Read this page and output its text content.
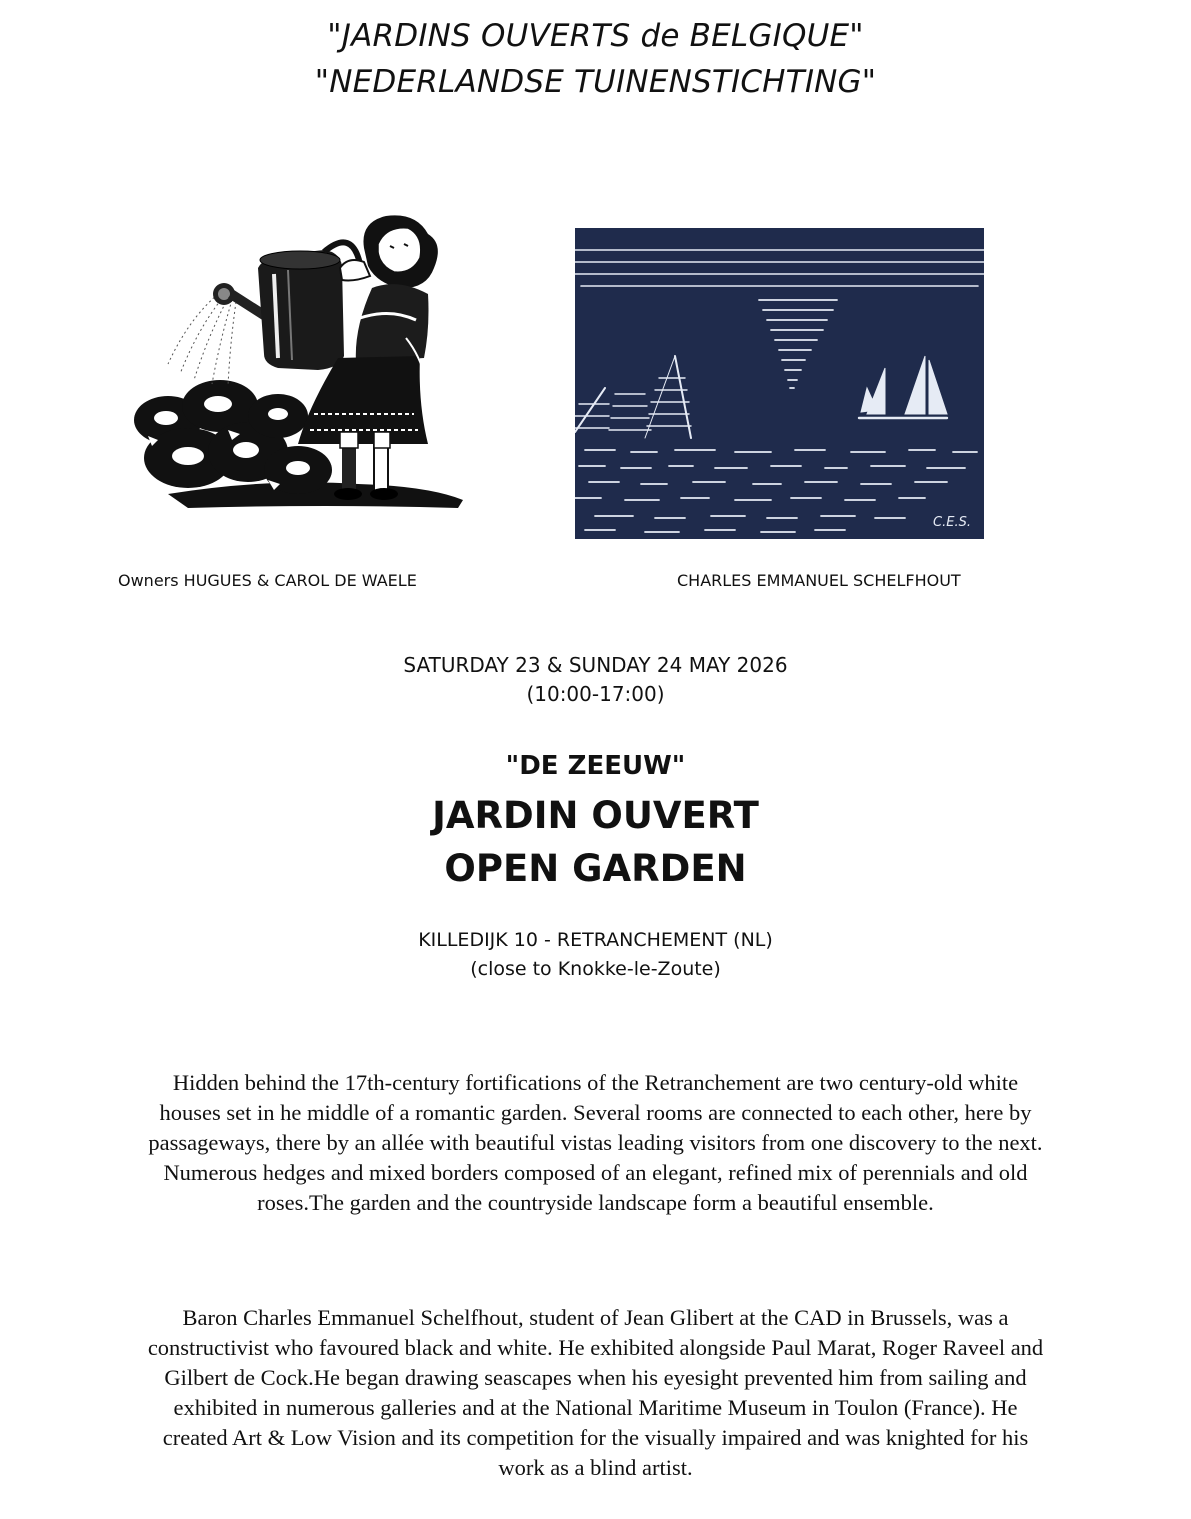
"JARDINS OUVERTS de BELGIQUE"
"NEDERLANDSE TUINENSTICHTING"
C.E.S.
Owners HUGUES & CAROL DE WAELE	CHARLES EMMANUEL SCHELFHOUT
SATURDAY 23 & SUNDAY 24 MAY 2026
(10:00-17:00)
"DE ZEEUW"
JARDIN OUVERT
OPEN GARDEN
KILLEDIJK 10 - RETRANCHEMENT (NL)
(close to Knokke-le-Zoute)
Hidden behind the 17th-century fortifications of the Retranchement are two century-old white
houses set in he middle of a romantic garden. Several rooms are connected to each other, here by
passageways, there by an allée with beautiful vistas leading visitors from one discovery to the next.
Numerous hedges and mixed borders composed of an elegant, refined mix of perennials and old
roses.The garden and the countryside landscape form a beautiful ensemble.
Baron Charles Emmanuel Schelfhout, student of Jean Glibert at the CAD in Brussels, was a
constructivist who favoured black and white. He exhibited alongside Paul Marat, Roger Raveel and
Gilbert de Cock.He began drawing seascapes when his eyesight prevented him from sailing and
exhibited in numerous galleries and at the National Maritime Museum in Toulon (France). He
created Art & Low Vision and its competition for the visually impaired and was knighted for his
work as a blind artist.
